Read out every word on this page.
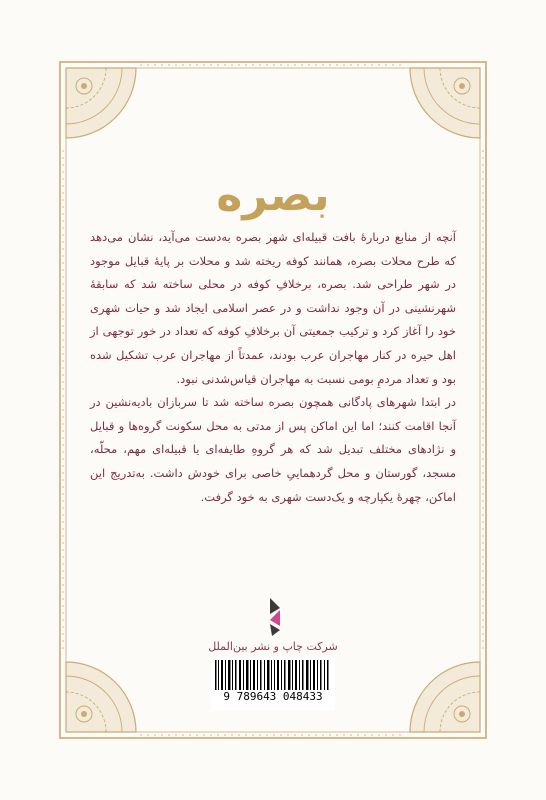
بصره

آنچه از منابع دربارهٔ بافت قبیله‌ای شهر بصره به‌دست می‌آید، نشان می‌دهد که طرح محلات بصره، همانند کوفه ریخته شد و محلات بر پایهٔ قبایل موجود در شهر طراحی شد. بصره، برخلافِ کوفه در محلی ساخته شد که سابقهٔ شهرنشینی در آن وجود نداشت و در عصر اسلامی ایجاد شد و حیات شهری خود را آغاز کرد و ترکیب جمعیتی آن برخلافِ کوفه که تعداد در خور توجهی از اهل حیره در کنار مهاجران عرب بودند، عمدتاً از مهاجران عرب تشکیل شده بود و تعداد مردمِ بومی نسبت به مهاجران قیاس‌شدنی نبود.

در ابتدا شهرهای پادگانی همچون بصره ساخته شد تا سربازان بادیه‌نشین در آنجا اقامت کنند؛ اما این اماکن پس از مدتی به محل سکونت گروه‌ها و قبایل و نژادهای مختلف تبدیل شد که هر گروهِ طایفه‌ای یا قبیله‌ای مهم، محلّه، مسجد، گورستان و محل گردهماییِ خاصی برای خودش داشت. به‌تدریج این اماکن، چهرهٔ یکپارچه و یک‌دست شهری به خود گرفت.

شرکت چاپ و نشر بین‌الملل
9 789643 048433
